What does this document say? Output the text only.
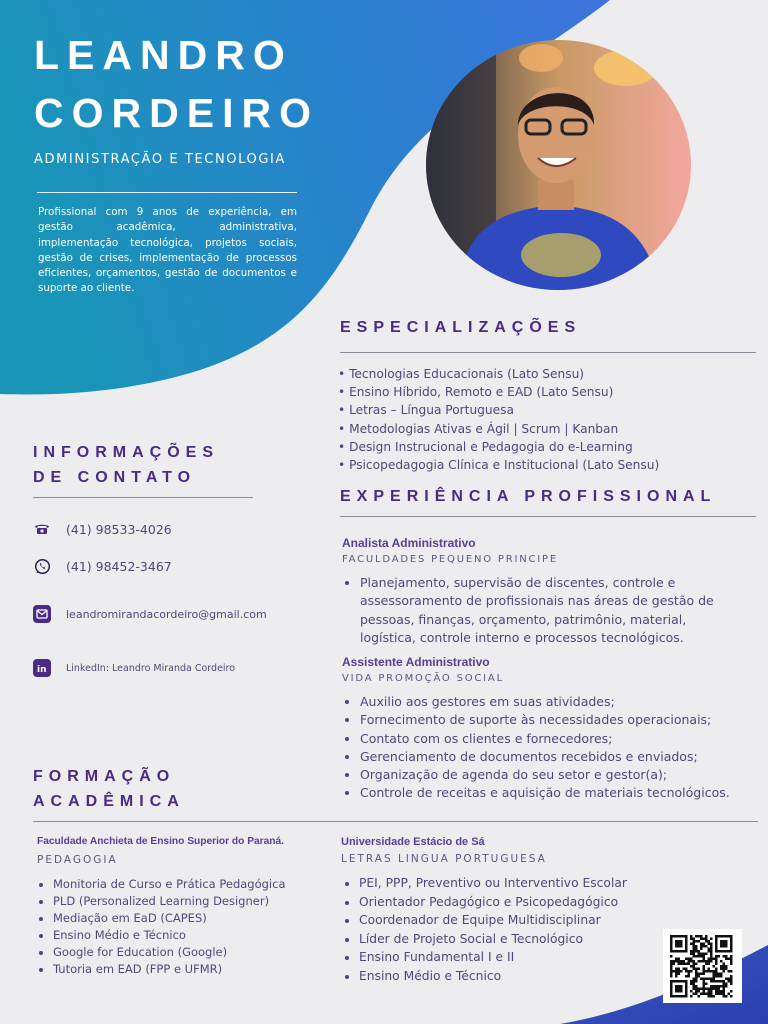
LEANDRO
CORDEIRO
ADMINISTRAÇÃO E TECNOLOGIA
Profissional com 9 anos de experiência, em gestão acadêmica, administrativa, implementação tecnológica, projetos sociais, gestão de crises, implementação de processos eficientes, orçamentos, gestão de documentos e suporte ao cliente.
ESPECIALIZAÇÕES
• Tecnologias Educacionais (Lato Sensu)
• Ensino Híbrido, Remoto e EAD (Lato Sensu)
• Letras – Língua Portuguesa
• Metodologias Ativas e Ágil | Scrum | Kanban
• Design Instrucional e Pedagogia do e-Learning
• Psicopedagogia Clínica e Institucional (Lato Sensu)
INFORMAÇÕES
DE CONTATO
(41) 98533-4026
(41) 98452-3467
leandromirandacordeiro@gmail.com
in LinkedIn: Leandro Miranda Cordeiro
EXPERIÊNCIA PROFISSIONAL
Analista Administrativo
FACULDADES PEQUENO PRINCIPE
• Planejamento, supervisão de discentes, controle e assessoramento de profissionais nas áreas de gestão de pessoas, finanças, orçamento, patrimônio, material, logística, controle interno e processos tecnológicos.
Assistente Administrativo
VIDA PROMOÇÃO SOCIAL
• Auxilio aos gestores em suas atividades;
• Fornecimento de suporte às necessidades operacionais;
• Contato com os clientes e fornecedores;
• Gerenciamento de documentos recebidos e enviados;
• Organização de agenda do seu setor e gestor(a);
• Controle de receitas e aquisição de materiais tecnológicos.
FORMAÇÃO
ACADÊMICA
Faculdade Anchieta de Ensino Superior do Paraná.
PEDAGOGIA
• Monitoria de Curso e Prática Pedagógica
• PLD (Personalized Learning Designer)
• Mediação em EaD (CAPES)
• Ensino Médio e Técnico
• Google for Education (Google)
• Tutoria em EAD (FPP e UFMR)
Universidade Estácio de Sá
LETRAS LINGUA PORTUGUESA
• PEI, PPP, Preventivo ou Interventivo Escolar
• Orientador Pedagógico e Psicopedagógico
• Coordenador de Equipe Multidisciplinar
• Líder de Projeto Social e Tecnológico
• Ensino Fundamental I e II
• Ensino Médio e Técnico
